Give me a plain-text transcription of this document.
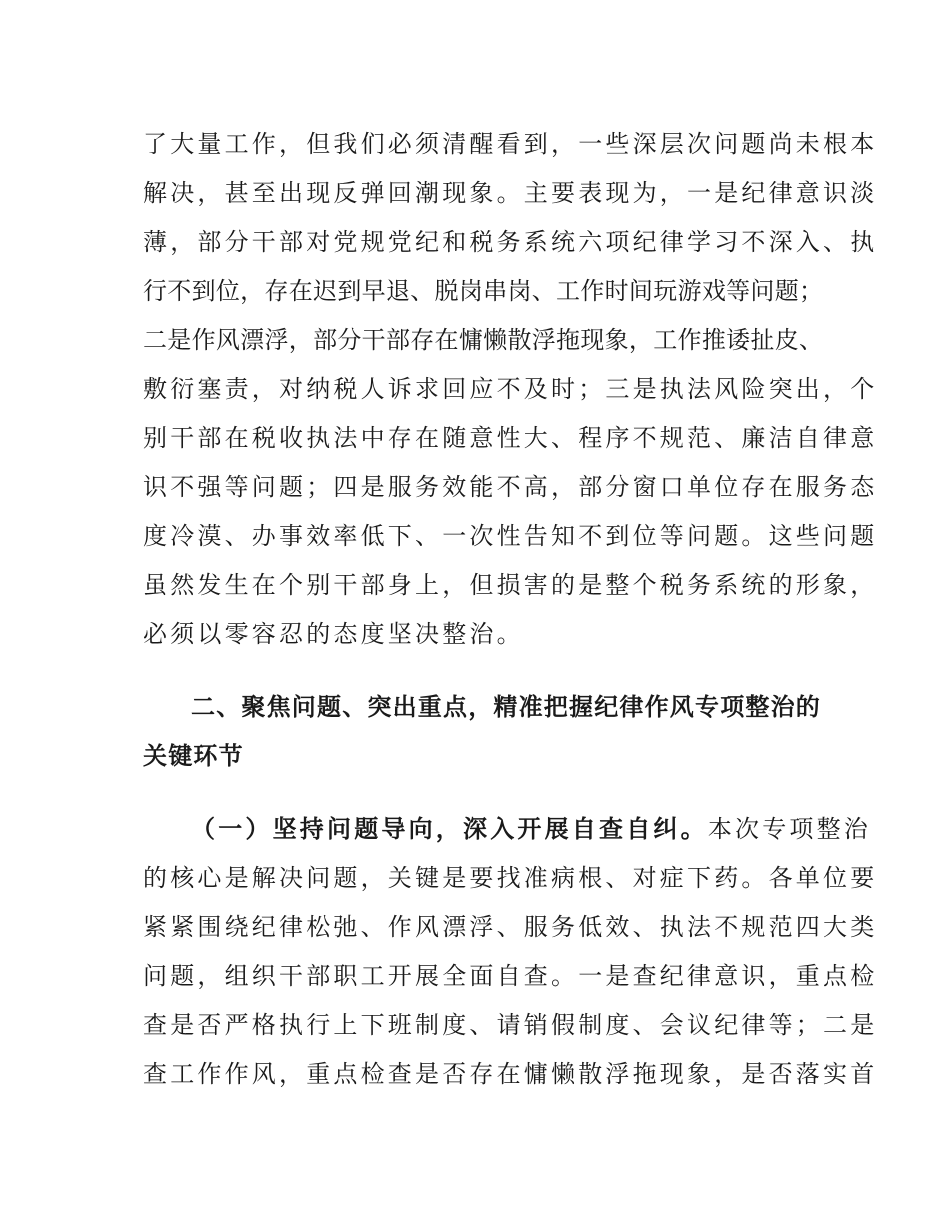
了大量工作，但我们必须清醒看到，一些深层次问题尚未根本
解决，甚至出现反弹回潮现象。主要表现为，一是纪律意识淡
薄，部分干部对党规党纪和税务系统六项纪律学习不深入、执
行不到位，存在迟到早退、脱岗串岗、工作时间玩游戏等问题；
二是作风漂浮，部分干部存在慵懒散浮拖现象，工作推诿扯皮、
敷衍塞责，对纳税人诉求回应不及时；三是执法风险突出，个
别干部在税收执法中存在随意性大、程序不规范、廉洁自律意
识不强等问题；四是服务效能不高，部分窗口单位存在服务态
度冷漠、办事效率低下、一次性告知不到位等问题。这些问题
虽然发生在个别干部身上，但损害的是整个税务系统的形象，
必须以零容忍的态度坚决整治。
二、聚焦问题、突出重点，精准把握纪律作风专项整治的
关键环节
（一）坚持问题导向，深入开展自查自纠。本次专项整治
的核心是解决问题，关键是要找准病根、对症下药。各单位要
紧紧围绕纪律松弛、作风漂浮、服务低效、执法不规范四大类
问题，组织干部职工开展全面自查。一是查纪律意识，重点检
查是否严格执行上下班制度、请销假制度、会议纪律等；二是
查工作作风，重点检查是否存在慵懒散浮拖现象，是否落实首
